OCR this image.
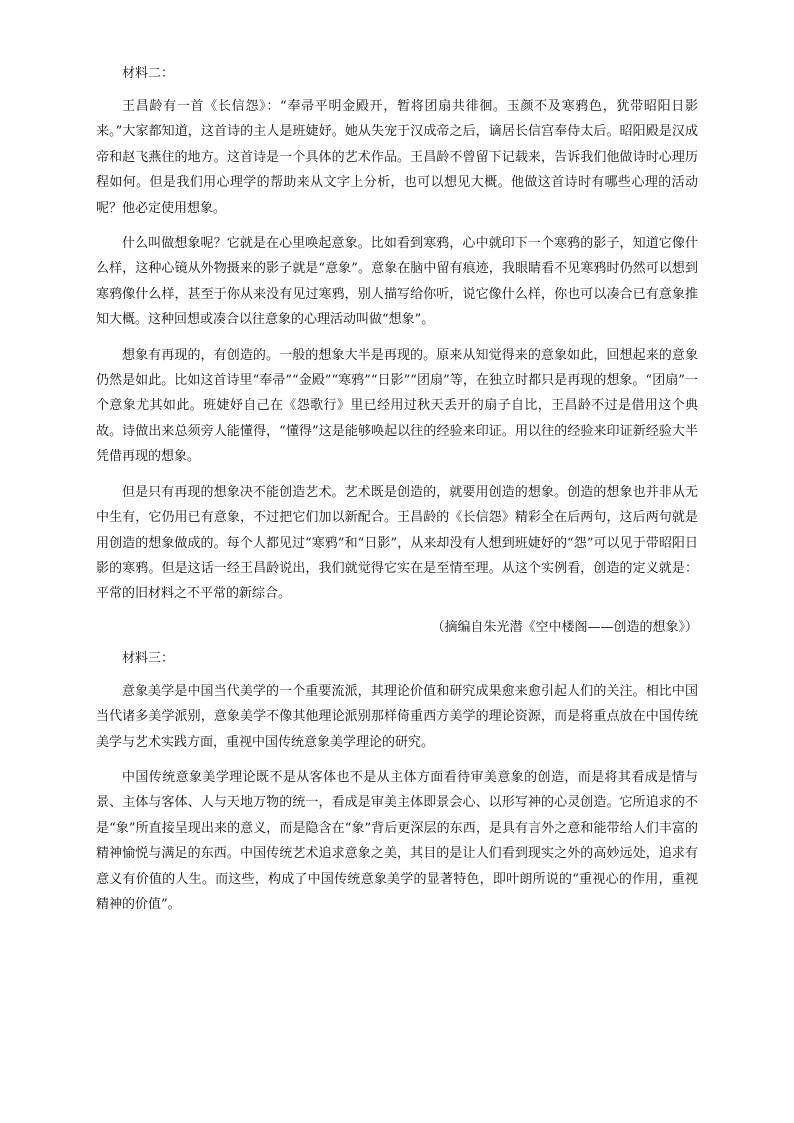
材料二：

王昌龄有一首《长信怨》：“奉帚平明金殿开，暂将团扇共徘徊。玉颜不及寒鸦色，犹带昭阳日影来。”大家都知道，这首诗的主人是班婕妤。她从失宠于汉成帝之后，谪居长信宫奉侍太后。昭阳殿是汉成帝和赵飞燕住的地方。这首诗是一个具体的艺术作品。王昌龄不曾留下记载来，告诉我们他做诗时心理历程如何。但是我们用心理学的帮助来从文字上分析，也可以想见大概。他做这首诗时有哪些心理的活动呢？他必定使用想象。

什么叫做想象呢？它就是在心里唤起意象。比如看到寒鸦，心中就印下一个寒鸦的影子，知道它像什么样，这种心镜从外物摄来的影子就是“意象”。意象在脑中留有痕迹，我眼睛看不见寒鸦时仍然可以想到寒鸦像什么样，甚至于你从来没有见过寒鸦，别人描写给你听，说它像什么样，你也可以凑合已有意象推知大概。这种回想或凑合以往意象的心理活动叫做“想象”。

想象有再现的，有创造的。一般的想象大半是再现的。原来从知觉得来的意象如此，回想起来的意象仍然是如此。比如这首诗里“奉帚”“金殿”“寒鸦”“日影”“团扇”等，在独立时都只是再现的想象。“团扇”一个意象尤其如此。班婕妤自己在《怨歌行》里已经用过秋天丢开的扇子自比，王昌龄不过是借用这个典故。诗做出来总须旁人能懂得，“懂得”这是能够唤起以往的经验来印证。用以往的经验来印证新经验大半凭借再现的想象。

但是只有再现的想象决不能创造艺术。艺术既是创造的，就要用创造的想象。创造的想象也并非从无中生有，它仍用已有意象，不过把它们加以新配合。王昌龄的《长信怨》精彩全在后两句，这后两句就是用创造的想象做成的。每个人都见过“寒鸦”和“日影”，从来却没有人想到班婕妤的“怨”可以见于带昭阳日影的寒鸦。但是这话一经王昌龄说出，我们就觉得它实在是至情至理。从这个实例看，创造的定义就是：平常的旧材料之不平常的新综合。

（摘编自朱光潜《空中楼阁——创造的想象》）
材料三：

意象美学是中国当代美学的一个重要流派，其理论价值和研究成果愈来愈引起人们的关注。相比中国当代诸多美学派别，意象美学不像其他理论派别那样倚重西方美学的理论资源，而是将重点放在中国传统美学与艺术实践方面，重视中国传统意象美学理论的研究。

中国传统意象美学理论既不是从客体也不是从主体方面看待审美意象的创造，而是将其看成是情与景、主体与客体、人与天地万物的统一，看成是审美主体即景会心、以形写神的心灵创造。它所追求的不是“象”所直接呈现出来的意义，而是隐含在“象”背后更深层的东西，是具有言外之意和能带给人们丰富的精神愉悦与满足的东西。中国传统艺术追求意象之美，其目的是让人们看到现实之外的高妙远处，追求有意义有价值的人生。而这些，构成了中国传统意象美学的显著特色，即叶朗所说的“重视心的作用，重视精神的价值”。
